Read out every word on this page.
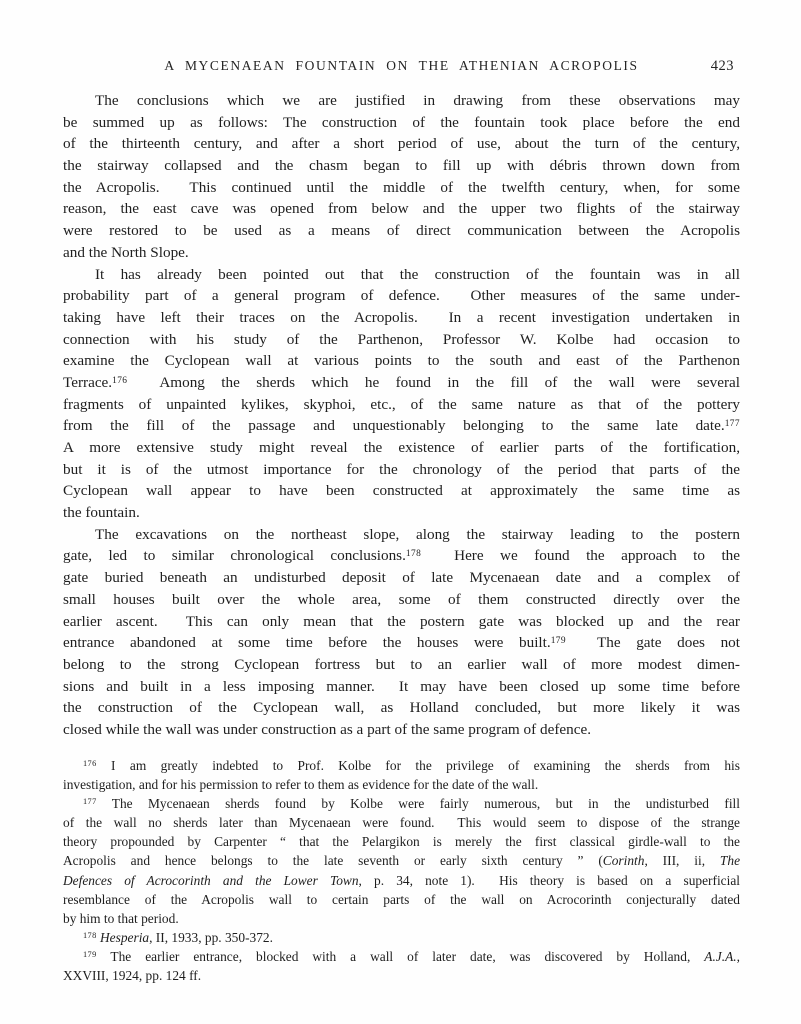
A MYCENAEAN FOUNTAIN ON THE ATHENIAN ACROPOLIS	423
The conclusions which we are justified in drawing from these observations may
be summed up as follows: The construction of the fountain took place before the end
of the thirteenth century, and after a short period of use, about the turn of the century,
the stairway collapsed and the chasm began to fill up with débris thrown down from
the Acropolis.  This continued until the middle of the twelfth century, when, for some
reason, the east cave was opened from below and the upper two flights of the stairway
were restored to be used as a means of direct communication between the Acropolis
and the North Slope.
It has already been pointed out that the construction of the fountain was in all
probability part of a general program of defence.  Other measures of the same under-
taking have left their traces on the Acropolis.  In a recent investigation undertaken in
connection with his study of the Parthenon, Professor W. Kolbe had occasion to
examine the Cyclopean wall at various points to the south and east of the Parthenon
Terrace.$^{176}$  Among the sherds which he found in the fill of the wall were several
fragments of unpainted kylikes, skyphoi, etc., of the same nature as that of the pottery
from the fill of the passage and unquestionably belonging to the same late date.$^{177}$
A more extensive study might reveal the existence of earlier parts of the fortification,
but it is of the utmost importance for the chronology of the period that parts of the
Cyclopean wall appear to have been constructed at approximately the same time as
the fountain.
The excavations on the northeast slope, along the stairway leading to the postern
gate, led to similar chronological conclusions.$^{178}$  Here we found the approach to the
gate buried beneath an undisturbed deposit of late Mycenaean date and a complex of
small houses built over the whole area, some of them constructed directly over the
earlier ascent.  This can only mean that the postern gate was blocked up and the rear
entrance abandoned at some time before the houses were built.$^{179}$  The gate does not
belong to the strong Cyclopean fortress but to an earlier wall of more modest dimen-
sions and built in a less imposing manner.  It may have been closed up some time before
the construction of the Cyclopean wall, as Holland concluded, but more likely it was
closed while the wall was under construction as a part of the same program of defence.
$^{176}$ I am greatly indebted to Prof. Kolbe for the privilege of examining the sherds from his
investigation, and for his permission to refer to them as evidence for the date of the wall.
$^{177}$ The Mycenaean sherds found by Kolbe were fairly numerous, but in the undisturbed fill
of the wall no sherds later than Mycenaean were found.  This would seem to dispose of the strange
theory propounded by Carpenter “ that the Pelargikon is merely the first classical girdle-wall to the
Acropolis and hence belongs to the late seventh or early sixth century ” (Corinth, III, ii, The
Defences of Acrocorinth and the Lower Town, p. 34, note 1).  His theory is based on a superficial
resemblance of the Acropolis wall to certain parts of the wall on Acrocorinth conjecturally dated
by him to that period.
$^{178}$ Hesperia, II, 1933, pp. 350-372.
$^{179}$ The earlier entrance, blocked with a wall of later date, was discovered by Holland, A.J.A.,
XXVIII, 1924, pp. 124 ff.
